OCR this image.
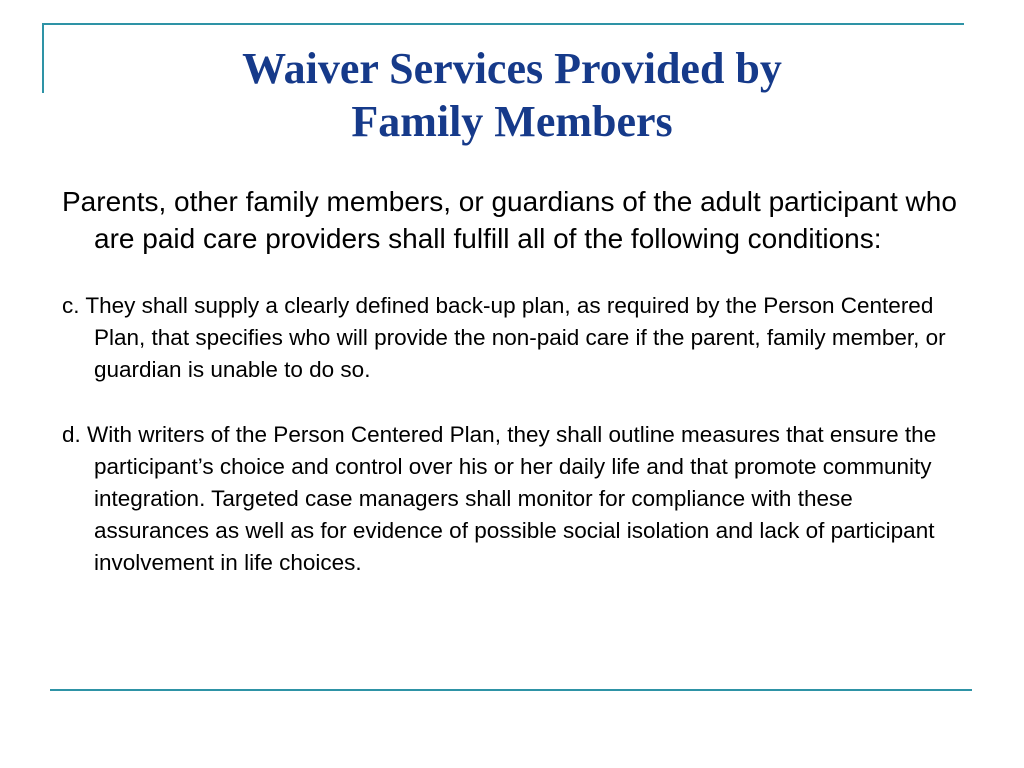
Waiver Services Provided by
Family Members

Parents, other family members, or guardians of the adult participant who are paid care providers shall fulfill all of the following conditions:

c. They shall supply a clearly defined back-up plan, as required by the Person Centered Plan, that specifies who will provide the non-paid care if the parent, family member, or guardian is unable to do so.

d. With writers of the Person Centered Plan, they shall outline measures that ensure the participant’s choice and control over his or her daily life and that promote community integration. Targeted case managers shall monitor for compliance with these assurances as well as for evidence of possible social isolation and lack of participant involvement in life choices.
